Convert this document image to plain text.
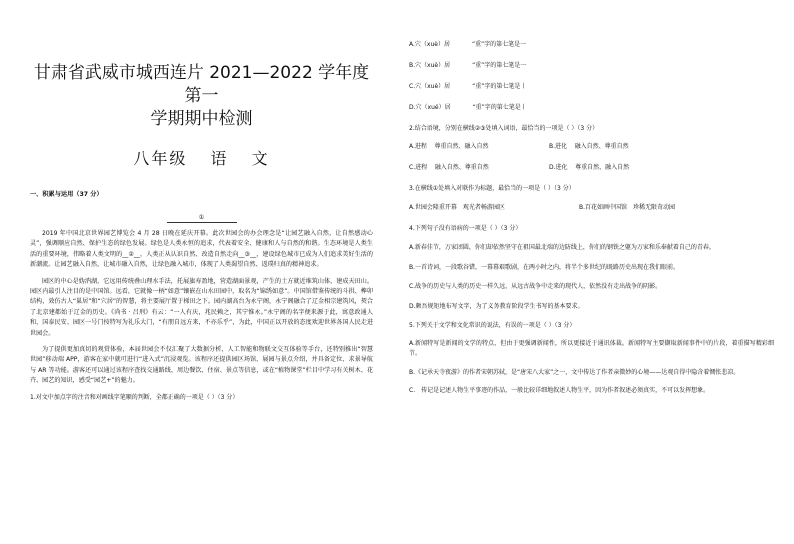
甘肃省武威市城西连片 2021—2022 学年度第一

学期期中检测

八年级 语 文
一、积累与运用（37 分）
①

2019 年中国北京世界园艺博览会 4 月 28 日晚在延庆开幕。此次世园会的办会理念是“让园艺融入自然，让自然感动心灵”，强调顺应自然、保护生态的绿色发展。绿色是人类永恒的追求，代表着安全、健康和人与自然的和谐。生态环境是人类生活的重要环境，伟略着人类文明的__②__，人类正从认识自然、改造自然走向__③__，建设绿色城市已成为人们追求美好生活的新潮流。让园艺融入自然，让城市融入自然，让绿色融入城市，体现了人类渴望自然、返璞归真的精神追求。

园区的中心是妫汭湖，它远用传统叠山理水手法，托展旗寿盈地，营造湖面景观，产生的土方就近堆筑山体，建成天田山。园区内最引人注目的是中国馆。远看，它就像一柄“如意”镶嵌在山水田园中，取名为“锦绣如意”。中国馆借鉴传统的斗拱、榫卯结构，效仿古人“巢居”和“穴居”的智慧，将主要展厅置于梯田之下。园内湖高台为永宁阁，永宁阁融合了辽金相宗建筑风，契合了北京建都始于辽金的历史。《尚书 · 吕刑》有云：“一人有庆，兆民赖之，其宁惟永。”永宁阁的名字便来源于此，寓意政通人和，国泰民安。园区一号门按特写为礼乐大门，“有朋自远方来，不亦乐乎”，为此，中国正以开放的态度欢迎世界各国人民走进世园会。

为了提供更加真切的观赏体验，本届世园会不仅汇聚了大数据分析、人工智能和物联文交互体验等手台，还特别推出“智慧世园”移动端 APP，游客在家中就可进行“进入式”沉浸观览。该程序还提供园区场馆、展园与景点介绍，并具备定位、求景导航与 AR 等功能。游客还可以通过该程序查找交通路线、周边餐饮、住宿、景点等信息，或在“植物课堂”栏目中学习有关树木、花卉、园艺的知识，感受“园艺+”的魅力。

1.对文中加点字的注音和对画线字笔顺的判断，全都正确的一项是（ ）（3 分）

A.穴（xuè）居	“重”字的第七笔是一
B.穴（xuè）居	“重”字的第七笔是一
C.穴（xuè）居	“重”字的第七笔是丨
D.穴（xué）居	“重”字的第七笔是丨

2.结合语境，分别在横线②③处填入词语，最恰当的一项是（ ）（3 分）

A.进程    尊重自然、融入自然	B.进化    融入自然、尊重自然
C.进程    融入自然、尊重自然	D.进化    尊重自然、融入自然

3.在横线①处填入对联作为标题，最恰当的一项是（ ）（3 分）

A.世园会隆重开幕　观光者畅游园区	B.百花如画中国馆　珍稀无限奇动园

4.下列句子没有语病的一项是（ ）（3 分）

A.新春佳节，万家团圆，你们却依然坚守在祖国最北端的边防线上，你们的钢铁之躯为万家和乐奉献着自己的青春。

B.一首诗词，一段歌谷错，一幕幕艰歌剧，在两小时之内，将半个多世纪的既路历史出现在我们眼前。

C.战争的历史与人类的历史一样久远，从远古战争中走来的现代人，依然没有走出战争的阴影。

D.颇吾规矩地布写文字，为了义务教育阶段学生书写的基本要求。

5.下列关于文学和文化常识的说法，有误的一项是（ ）（3 分）

A.新闻特写是新闻的文学的特点，但由于更强调新闻性，所以更接近于通讯体裁。新闻特写主要撷取新闻事件中的片段，着重描写精彩细节。

B.《记承天寺夜游》的作者宋朝苏轼，是“唐宋八大家”之一，文中传达了作者亲微妙的心境——达观自得中隐含着惆怅悲凉。

C.　传记是记述人物生平事迹的作品，一般比较详细地叙述人物生平，因为作者叙述必须真实，不可以发挥想象。
